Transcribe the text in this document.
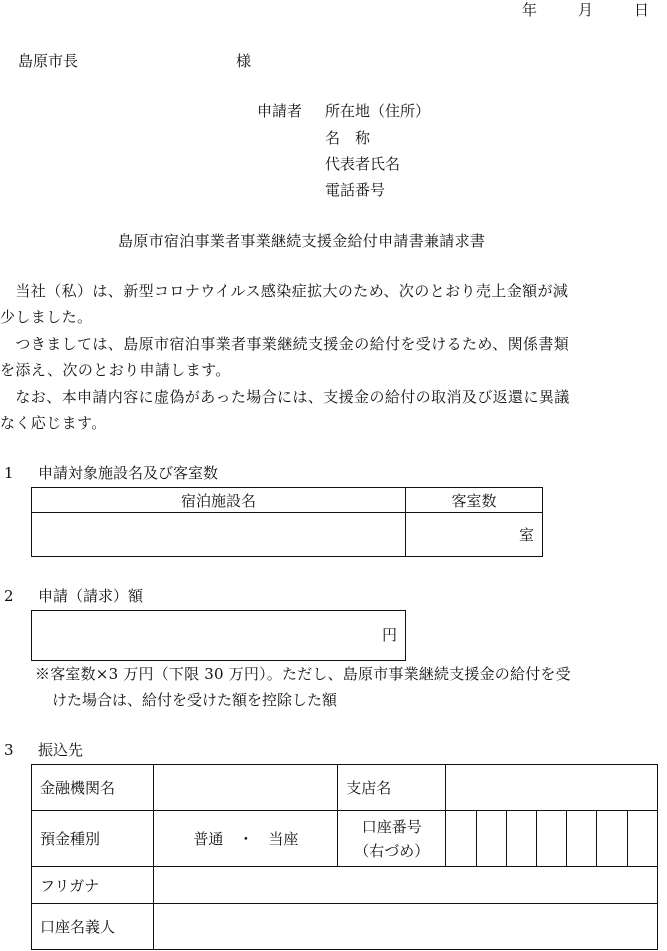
年	月	日
島原市長	様
申請者 所在地（住所）
名　称
代表者氏名
電話番号
島原市宿泊事業者事業継続支援金給付申請書兼請求書
　当社（私）は、新型コロナウイルス感染症拡大のため、次のとおり売上金額が減
少しました。
　つきましては、島原市宿泊事業者事業継続支援金の給付を受けるため、関係書類
を添え、次のとおり申請します。
　なお、本申請内容に虚偽があった場合には、支援金の給付の取消及び返還に異議
なく応じます。
1 申請対象施設名及び客室数
宿泊施設名	客室数
	室
2 申請（請求）額
円
※客室数×3 万円（下限 30 万円）。ただし、島原市事業継続支援金の給付を受
けた場合は、給付を受けた額を控除した額
3 振込先
金融機関名		支店名							
預金種別	普通　・　当座	口座番号
（右づめ）							

フリガナ									
口座名義人									
